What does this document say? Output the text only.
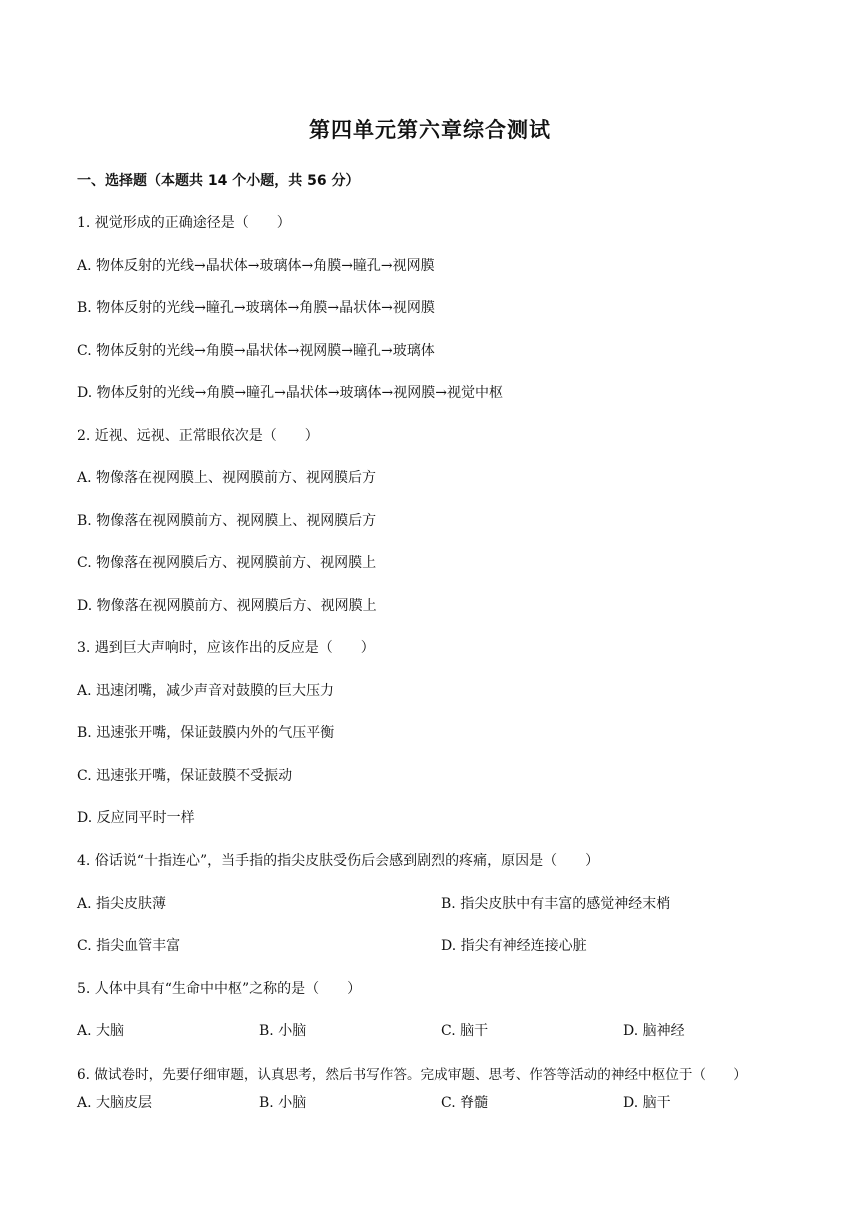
第四单元第六章综合测试
一、选择题（本题共 14 个小题，共 56 分）
1. 视觉形成的正确途径是（　　）
A. 物体反射的光线→晶状体→玻璃体→角膜→瞳孔→视网膜
B. 物体反射的光线→瞳孔→玻璃体→角膜→晶状体→视网膜
C. 物体反射的光线→角膜→晶状体→视网膜→瞳孔→玻璃体
D. 物体反射的光线→角膜→瞳孔→晶状体→玻璃体→视网膜→视觉中枢
2. 近视、远视、正常眼依次是（　　）
A. 物像落在视网膜上、视网膜前方、视网膜后方
B. 物像落在视网膜前方、视网膜上、视网膜后方
C. 物像落在视网膜后方、视网膜前方、视网膜上
D. 物像落在视网膜前方、视网膜后方、视网膜上
3. 遇到巨大声响时，应该作出的反应是（　　）
A. 迅速闭嘴，减少声音对鼓膜的巨大压力
B. 迅速张开嘴，保证鼓膜内外的气压平衡
C. 迅速张开嘴，保证鼓膜不受振动
D. 反应同平时一样
4. 俗话说“十指连心”，当手指的指尖皮肤受伤后会感到剧烈的疼痛，原因是（　　）
A. 指尖皮肤薄	B. 指尖皮肤中有丰富的感觉神经末梢
C. 指尖血管丰富	D. 指尖有神经连接心脏
5. 人体中具有“生命中中枢”之称的是（　　）
A. 大脑	B. 小脑	C. 脑干	D. 脑神经
6. 做试卷时，先要仔细审题，认真思考，然后书写作答。完成审题、思考、作答等活动的神经中枢位于（　　）
A. 大脑皮层	B. 小脑	C. 脊髓	D. 脑干
